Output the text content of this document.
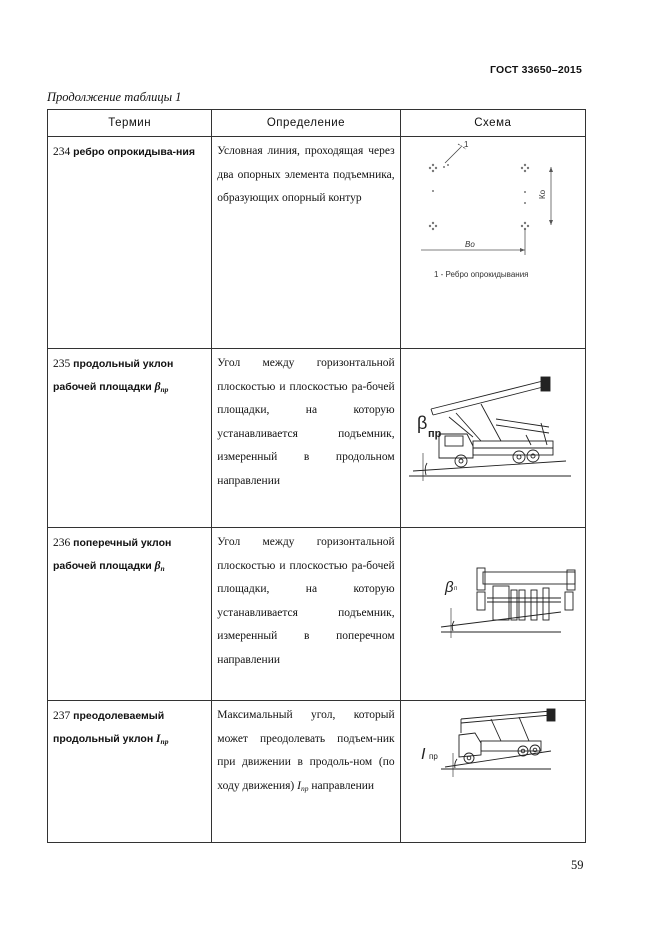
ГОСТ 33650–2015
Продолжение таблицы 1
Термин	Определение	Схема
234 ребро опрокидыва-ния	Условная линия, проходящая через два опорных элемента подъемника, образующих опорный контур	1
Ко
Во
1 - Ребро опрокидывания

235 продольный уклон рабочей площадки $\beta_{пр}$	Угол между горизонтальной плоскостью и плоскостью ра-бочей площадки, на которую устанавливается подъемник, измеренный в продольном направлении	β
пр

236 поперечный уклон рабочей площадки $\beta_п$	Угол между горизонтальной плоскостью и плоскостью ра-бочей площадки, на которую устанавливается подъемник, измеренный в поперечном направлении	β п

237 преодолеваемый продольный уклон $I_{пр}$	Максимальный угол, который может преодолевать подъем-ник при движении в продоль-ном (по ходу движения) $I_{пр}$ направлении	I пр
59
